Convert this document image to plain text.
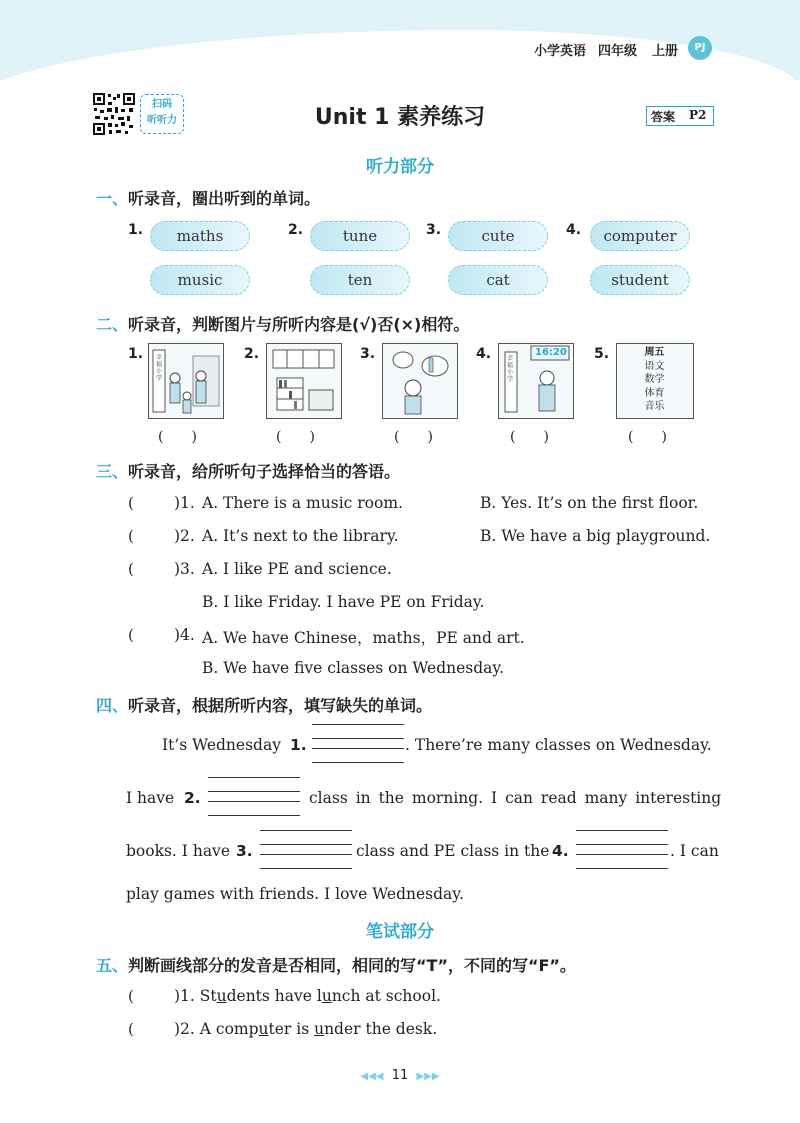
小学英语 四年级 上册	PJ
扫码
听听力	Unit 1 素养练习	答案 P2
听力部分
一、听录音，圈出听到的单词。
1.	maths
music
2.	tune
ten
3.	cute
cat
4.	computer
student
二、听录音，判断图片与所听内容是(√)否(×)相符。
1. 幸福小学
(　　)
2.
(　　)
3.
(　　)
4.	幸福小学
16:20
(　　)
5.	周五
语文
数学
体育
音乐
(　　)
三、听录音，给所听句子选择恰当的答语。
(	)1. A. There is a music room.	B. Yes. It’s on the first floor.
(	)2. A. It’s next to the library.	B. We have a big playground.
(	)3. A. I like PE and science.
B. I like Friday. I have PE on Friday.
(	)4. A. We have Chinese，maths，PE and art.
B. We have five classes on Wednesday.
四、听录音，根据所听内容，填写缺失的单词。
It’s Wednesday 1.	. There’re many classes on Wednesday.
I have 2.	class in the morning. I can read many interesting
books. I have 3.	class and PE class in the 4.	. I can
play games with friends. I love Wednesday.
笔试部分
五、判断画线部分的发音是否相同，相同的写“T”，不同的写“F”。
(	)1. Students have lunch at school.
(	)2. A computer is under the desk.
◀◀◀ 11 ▶▶▶
